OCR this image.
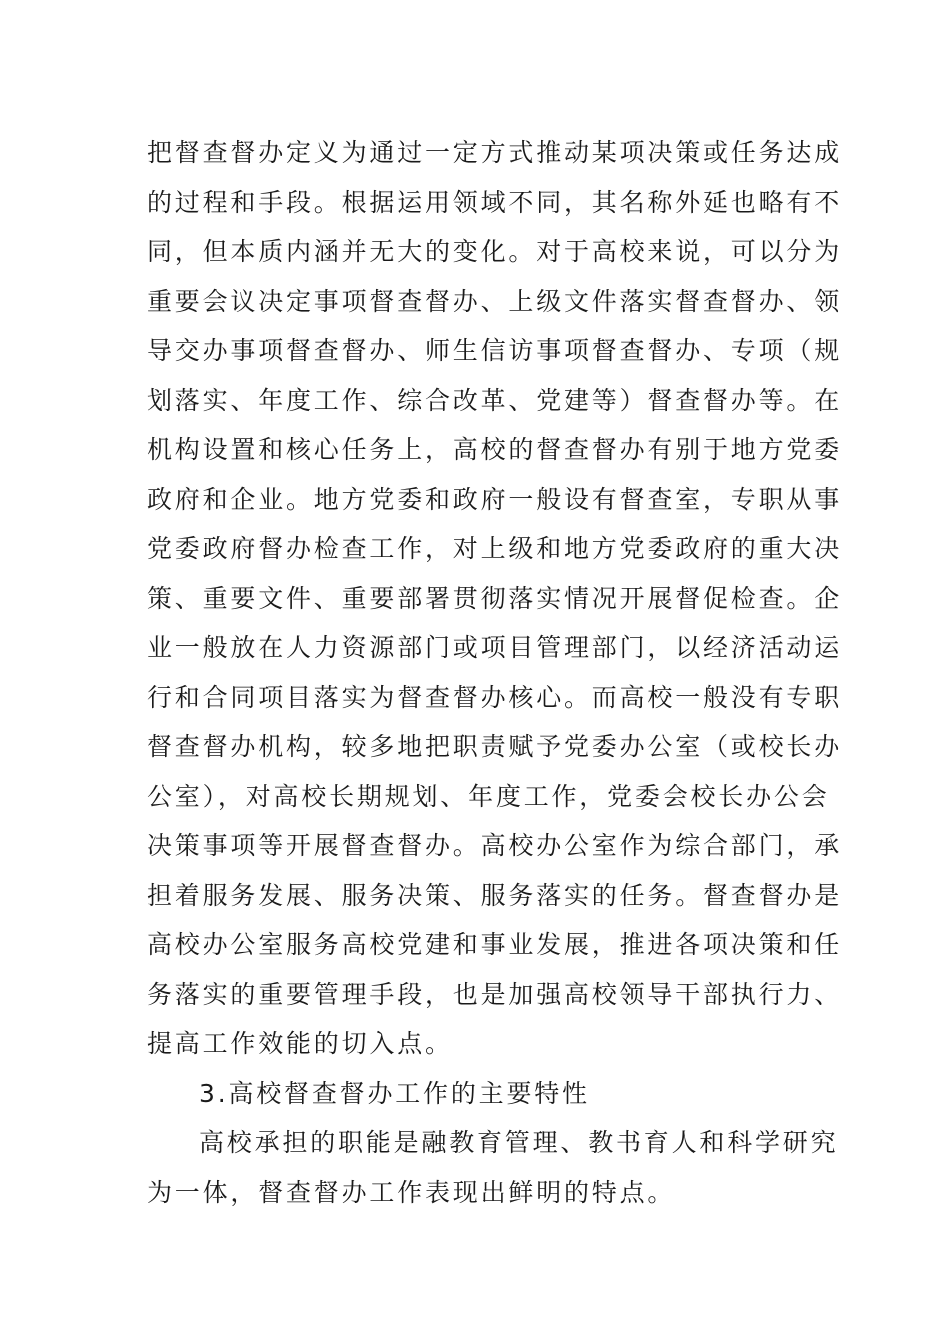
把督查督办定义为通过一定方式推动某项决策或任务达成
的过程和手段。根据运用领域不同，其名称外延也略有不
同，但本质内涵并无大的变化。对于高校来说，可以分为
重要会议决定事项督查督办、上级文件落实督查督办、领
导交办事项督查督办、师生信访事项督查督办、专项（规
划落实、年度工作、综合改革、党建等）督查督办等。在
机构设置和核心任务上，高校的督查督办有别于地方党委
政府和企业。地方党委和政府一般设有督查室，专职从事
党委政府督办检查工作，对上级和地方党委政府的重大决
策、重要文件、重要部署贯彻落实情况开展督促检查。企
业一般放在人力资源部门或项目管理部门，以经济活动运
行和合同项目落实为督查督办核心。而高校一般没有专职
督查督办机构，较多地把职责赋予党委办公室（或校长办
公室），对高校长期规划、年度工作，党委会校长办公会
决策事项等开展督查督办。高校办公室作为综合部门，承
担着服务发展、服务决策、服务落实的任务。督查督办是
高校办公室服务高校党建和事业发展，推进各项决策和任
务落实的重要管理手段，也是加强高校领导干部执行力、
提高工作效能的切入点。
3.高校督查督办工作的主要特性
高校承担的职能是融教育管理、教书育人和科学研究
为一体，督查督办工作表现出鲜明的特点。
